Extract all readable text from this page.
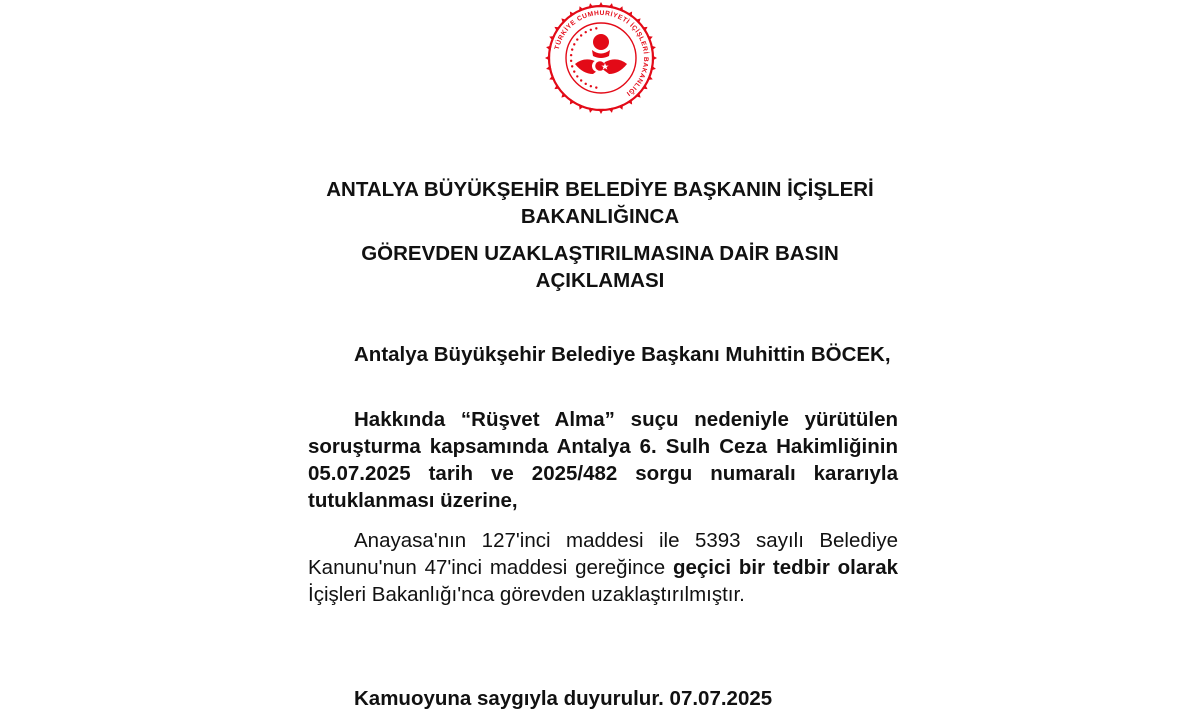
TÜRKİYE CUMHURİYETİ İÇİŞLERİ BAKANLIĞI
ANTALYA BÜYÜKŞEHİR BELEDİYE BAŞKANIN İÇİŞLERİ BAKANLIĞINCA
GÖREVDEN UZAKLAŞTIRILMASINA DAİR BASIN AÇIKLAMASI

Antalya Büyükşehir Belediye Başkanı Muhittin BÖCEK,

Hakkında “Rüşvet Alma” suçu nedeniyle yürütülen soruşturma kapsamında Antalya 6. Sulh Ceza Hakimliğinin 05.07.2025 tarih ve 2025/482 sorgu numaralı kararıyla tutuklanması üzerine,

Anayasa'nın 127'inci maddesi ile 5393 sayılı Belediye Kanunu'nun 47'inci maddesi gereğince geçici bir tedbir olarak İçişleri Bakanlığı'nca görevden uzaklaştırılmıştır.

Kamuoyuna saygıyla duyurulur. 07.07.2025
